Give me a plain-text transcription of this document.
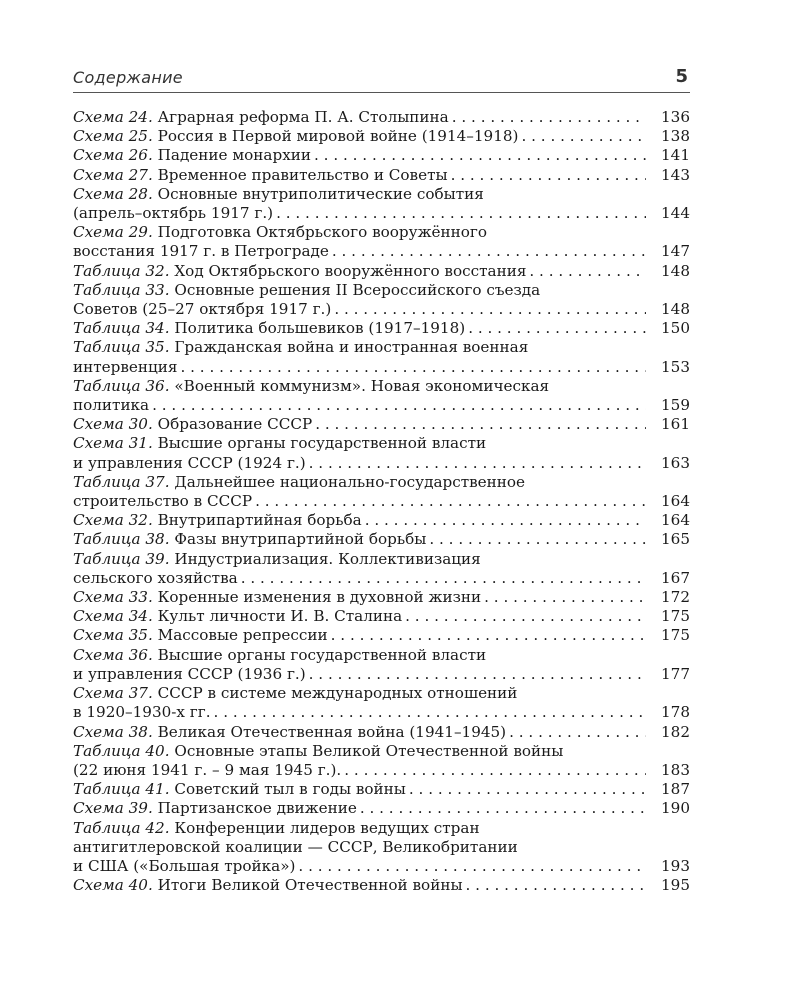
Содержание	5
Схема 24. Аграрная реформа П. А. Столыпина . . .	136
Схема 25. Россия в Первой мировой войне (1914–1918) . . .	138
Схема 26. Падение монархии . . .	141
Схема 27. Временное правительство и Советы . . .	143
Схема 28. Основные внутриполитические события
(апрель–октябрь 1917 г.) . . .	144
Схема 29. Подготовка Октябрьского вооружённого
восстания 1917 г. в Петрограде . . .	147
Таблица 32. Ход Октябрьского вооружённого восстания . . .	148
Таблица 33. Основные решения II Всероссийского съезда
Советов (25–27 октября 1917 г.) . . .	148
Таблица 34. Политика большевиков (1917–1918) . . .	150
Таблица 35. Гражданская война и иностранная военная
интервенция . . .	153
Таблица 36. «Военный коммунизм». Новая экономическая
политика . . .	159
Схема 30. Образование СССР . . .	161
Схема 31. Высшие органы государственной власти
и управления СССР (1924 г.) . . .	163
Таблица 37. Дальнейшее национально-государственное
строительство в СССР . . .	164
Схема 32. Внутрипартийная борьба . . .	164
Таблица 38. Фазы внутрипартийной борьбы . . .	165
Таблица 39. Индустриализация. Коллективизация
сельского хозяйства . . .	167
Схема 33. Коренные изменения в духовной жизни . . .	172
Схема 34. Культ личности И. В. Сталина . . .	175
Схема 35. Массовые репрессии . . .	175
Схема 36. Высшие органы государственной власти
и управления СССР (1936 г.) . . .	177
Схема 37. СССР в системе международных отношений
в 1920–1930-х гг. . . .	178
Схема 38. Великая Отечественная война (1941–1945) . . .	182
Таблица 40. Основные этапы Великой Отечественной войны
(22 июня 1941 г. – 9 мая 1945 г.). . . .	183
Таблица 41. Советский тыл в годы войны . . .	187
Схема 39. Партизанское движение . . .	190
Таблица 42. Конференции лидеров ведущих стран
антигитлеровской коалиции — СССР, Великобритании
и США («Большая тройка») . . .	193
Схема 40. Итоги Великой Отечественной войны . . .	195
